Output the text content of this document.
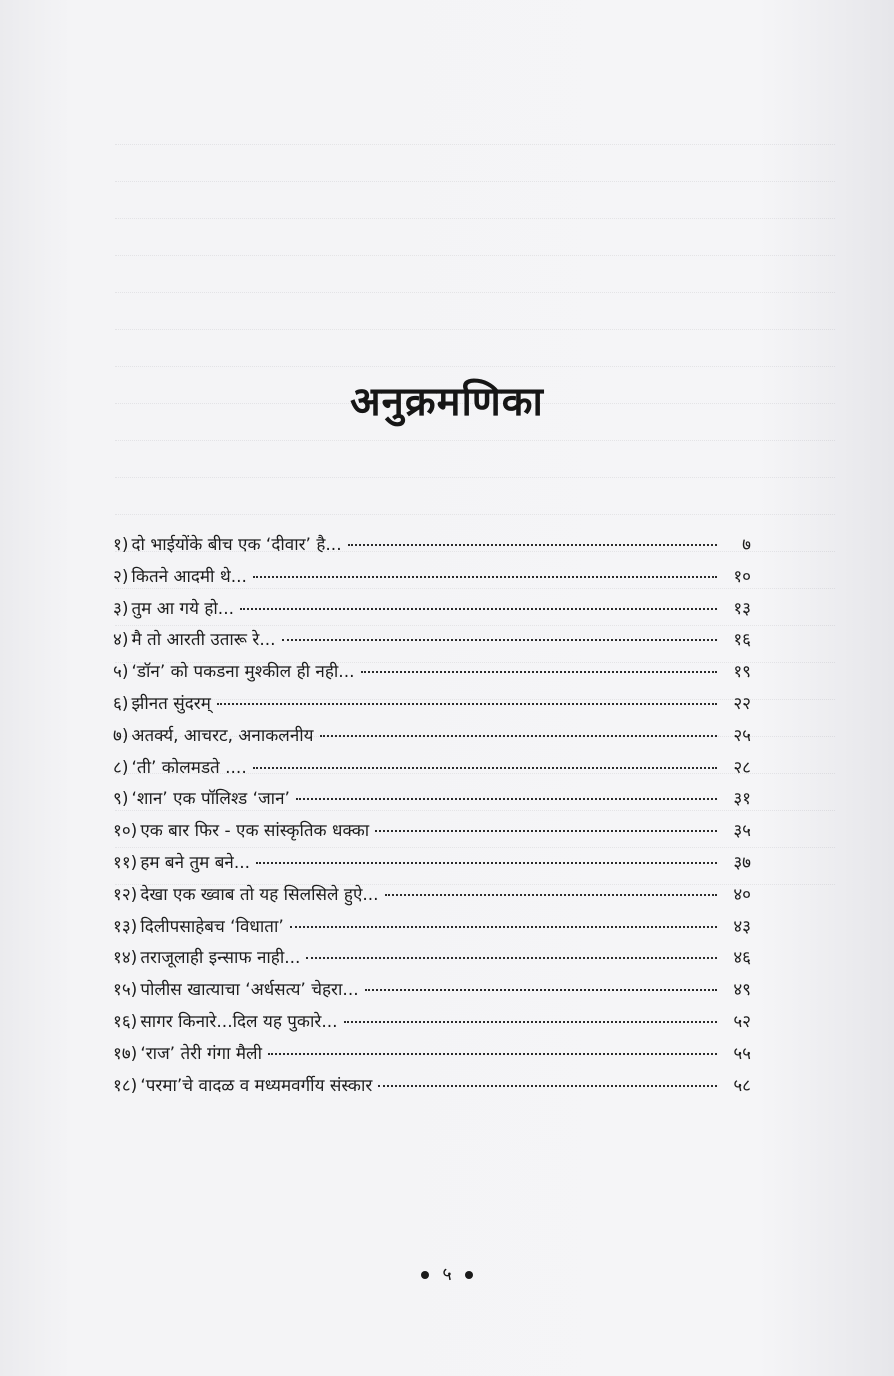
अनुक्रमणिका
१) दो भाईयोंके बीच एक ‘दीवार’ है...	७
२) कितने आदमी थे...	१०
३) तुम आ गये हो...	१३
४) मै तो आरती उतारू रे...	१६
५) ‘डॉन’ को पकडना मुश्कील ही नही...	१९
६) झीनत सुंदरम्	२२
७) अतर्क्य, आचरट, अनाकलनीय	२५
८) ‘ती’ कोलमडते ....	२८
९) ‘शान’ एक पॉलिश्ड ‘जान’	३१
१०) एक बार फिर - एक सांस्कृतिक धक्का	३५
११) हम बने तुम बने...	३७
१२) देखा एक ख्वाब तो यह सिलसिले हुऐ...	४०
१३) दिलीपसाहेबच ‘विधाता’	४३
१४) तराजूलाही इन्साफ नाही...	४६
१५) पोलीस खात्याचा ‘अर्धसत्य’ चेहरा...	४९
१६) सागर किनारे...दिल यह पुकारे...	५२
१७) ‘राज’ तेरी गंगा मैली	५५
१८) ‘परमा’चे वादळ व मध्यमवर्गीय संस्कार	५८
५
